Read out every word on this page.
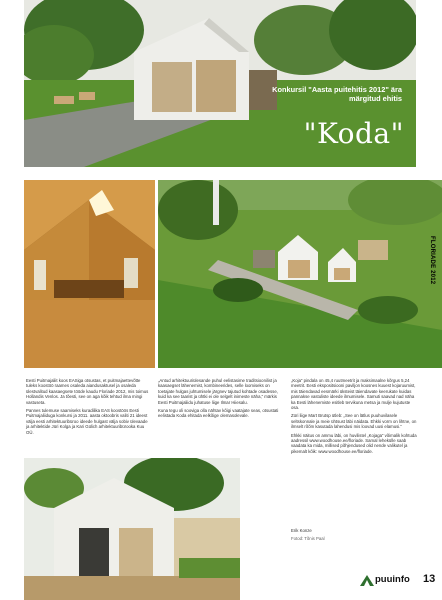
Konkursil "Aasta puitehitis 2012" ära märgitud ehitis

"Koda"

Eesti Puitmajaliit koos EASiga otsustas, et puitmajaettevõtte tuleks koostöö raames osaleda aiandusaktusel ja osaleda ülestvalitud kaasaegsete tööde kaudu Floriade 2012, mis toimus Hollandis Venlos. Ja tõesti, see on aga kõik tehtud ilma mingi vastuseta.

Pannes tulemuse saamiseks kuradilika EAS koostöös Eesti Puitmajaliiduga konkursi ja 2011. aasta oktoobris valiti 21 ideest välja eesti arhitektuuribüroo ideede hulgast välja sobiv ülevaade ja arhitektide Jüri Kolga ja Kari Gülich arhitektuuribürooka Kuu OÜ.

„Antud arhitektuuriülesande puhul eelistasime traditsioonilist ja kaasaegset lähenemist, kombineerides, selle loomiseks on toetajate hulgas juhtumisele järgnev tajutud kohtade osadesse, kuid ka see taarist ja ühtki ei ole selgelt inimeste näha,“ märkis Eesti Puitmajaliidu juhatuse liige Ilmar Hiiesalu.

Kuna tegu oli sooviga olla nähtav kõigi vaatajate seas, otsustati eelistada Koda ehitada eelkõige olemasolevale.

„Koja“ pindala on 45,4 ruutmeetrit ja maksimaalne kõrgus 5,24 meetrit. Eesti ekspositsiooni paviljon koosnes kuuest kojaruumist, mis täiendavad eesmärki üksteist täiendavate keerukate kuidas pannakse vastuliste ideede ilmumisele. Samuti saavad nad näha ka Eesti lähenemiste esitleb tervikuna metsa ja mulje kujutuste osa.

Züri liige Mart Brutsp ütleb: „See on lätlus puuhuvilasele seltskonnale ja meie ühtsust läbi näidata. Ehkki vorm on lihtne, on ilmselt rõõm kasutada lahendusi mis loovad uusi elamusi.“

Ehkki näitus on ammu läbi, on huvilistel „Kojaga“ võimalik kohtuda aadressil www.woodhouse.ee/floriade. Samal lehekülle saab vaadata ka mida, millised põhjendused olid nende valikutel ja pikemalt kõik: www.woodhouse.ee/floriade.

Erik Konze
Fotod: Tõnis Paal
FLORIADE 2012
puuinfo 13
